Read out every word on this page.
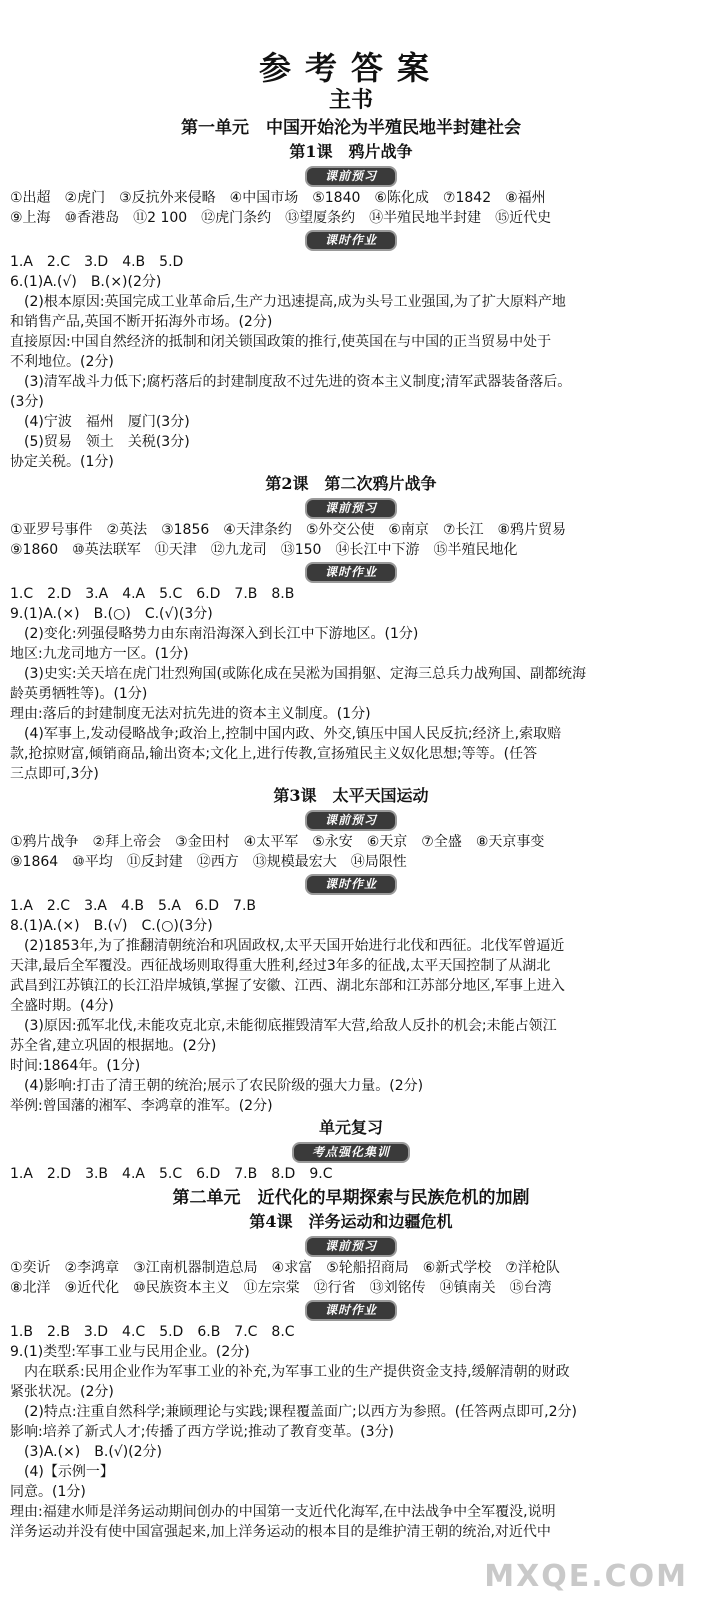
参考答案
主书
第一单元　中国开始沦为半殖民地半封建社会
第1课　鸦片战争
课前预习

①出超　②虎门　③反抗外来侵略　④中国市场　⑤1840　⑥陈化成　⑦1842　⑧福州

⑨上海　⑩香港岛　⑪2 100　⑫虎门条约　⑬望厦条约　⑭半殖民地半封建　⑮近代史

课时作业

1.A　2.C　3.D　4.B　5.D

6.(1)A.(√)　B.(×)(2分)

(2)根本原因:英国完成工业革命后,生产力迅速提高,成为头号工业强国,为了扩大原料产地

和销售产品,英国不断开拓海外市场。(2分)

直接原因:中国自然经济的抵制和闭关锁国政策的推行,使英国在与中国的正当贸易中处于

不利地位。(2分)

(3)清军战斗力低下;腐朽落后的封建制度敌不过先进的资本主义制度;清军武器装备落后。

(3分)

(4)宁波　福州　厦门(3分)

(5)贸易　领土　关税(3分)

协定关税。(1分)

第2课　第二次鸦片战争
课前预习

①亚罗号事件　②英法　③1856　④天津条约　⑤外交公使　⑥南京　⑦长江　⑧鸦片贸易

⑨1860　⑩英法联军　⑪天津　⑫九龙司　⑬150　⑭长江中下游　⑮半殖民地化

课时作业

1.C　2.D　3.A　4.A　5.C　6.D　7.B　8.B

9.(1)A.(×)　B.(○)　C.(√)(3分)

(2)变化:列强侵略势力由东南沿海深入到长江中下游地区。(1分)

地区:九龙司地方一区。(1分)

(3)史实:关天培在虎门壮烈殉国(或陈化成在吴淞为国捐躯、定海三总兵力战殉国、副都统海

龄英勇牺牲等)。(1分)

理由:落后的封建制度无法对抗先进的资本主义制度。(1分)

(4)军事上,发动侵略战争;政治上,控制中国内政、外交,镇压中国人民反抗;经济上,索取赔

款,抢掠财富,倾销商品,输出资本;文化上,进行传教,宣扬殖民主义奴化思想;等等。(任答

三点即可,3分)

第3课　太平天国运动
课前预习

①鸦片战争　②拜上帝会　③金田村　④太平军　⑤永安　⑥天京　⑦全盛　⑧天京事变

⑨1864　⑩平均　⑪反封建　⑫西方　⑬规模最宏大　⑭局限性

课时作业

1.A　2.C　3.A　4.B　5.A　6.D　7.B

8.(1)A.(×)　B.(√)　C.(○)(3分)

(2)1853年,为了推翻清朝统治和巩固政权,太平天国开始进行北伐和西征。北伐军曾逼近

天津,最后全军覆没。西征战场则取得重大胜利,经过3年多的征战,太平天国控制了从湖北

武昌到江苏镇江的长江沿岸城镇,掌握了安徽、江西、湖北东部和江苏部分地区,军事上进入

全盛时期。(4分)

(3)原因:孤军北伐,未能攻克北京,未能彻底摧毁清军大营,给敌人反扑的机会;未能占领江

苏全省,建立巩固的根据地。(2分)

时间:1864年。(1分)

(4)影响:打击了清王朝的统治;展示了农民阶级的强大力量。(2分)

举例:曾国藩的湘军、李鸿章的淮军。(2分)

单元复习
考点强化集训

1.A　2.D　3.B　4.A　5.C　6.D　7.B　8.D　9.C

第二单元　近代化的早期探索与民族危机的加剧
第4课　洋务运动和边疆危机
课前预习

①奕䜣　②李鸿章　③江南机器制造总局　④求富　⑤轮船招商局　⑥新式学校　⑦洋枪队

⑧北洋　⑨近代化　⑩民族资本主义　⑪左宗棠　⑫行省　⑬刘铭传　⑭镇南关　⑮台湾

课时作业

1.B　2.B　3.D　4.C　5.D　6.B　7.C　8.C

9.(1)类型:军事工业与民用企业。(2分)

内在联系:民用企业作为军事工业的补充,为军事工业的生产提供资金支持,缓解清朝的财政

紧张状况。(2分)

(2)特点:注重自然科学;兼顾理论与实践;课程覆盖面广;以西方为参照。(任答两点即可,2分)

影响:培养了新式人才;传播了西方学说;推动了教育变革。(3分)

(3)A.(×)　B.(√)(2分)

(4)【示例一】

同意。(1分)

理由:福建水师是洋务运动期间创办的中国第一支近代化海军,在中法战争中全军覆没,说明

洋务运动并没有使中国富强起来,加上洋务运动的根本目的是维护清王朝的统治,对近代中

MXQE.COM
